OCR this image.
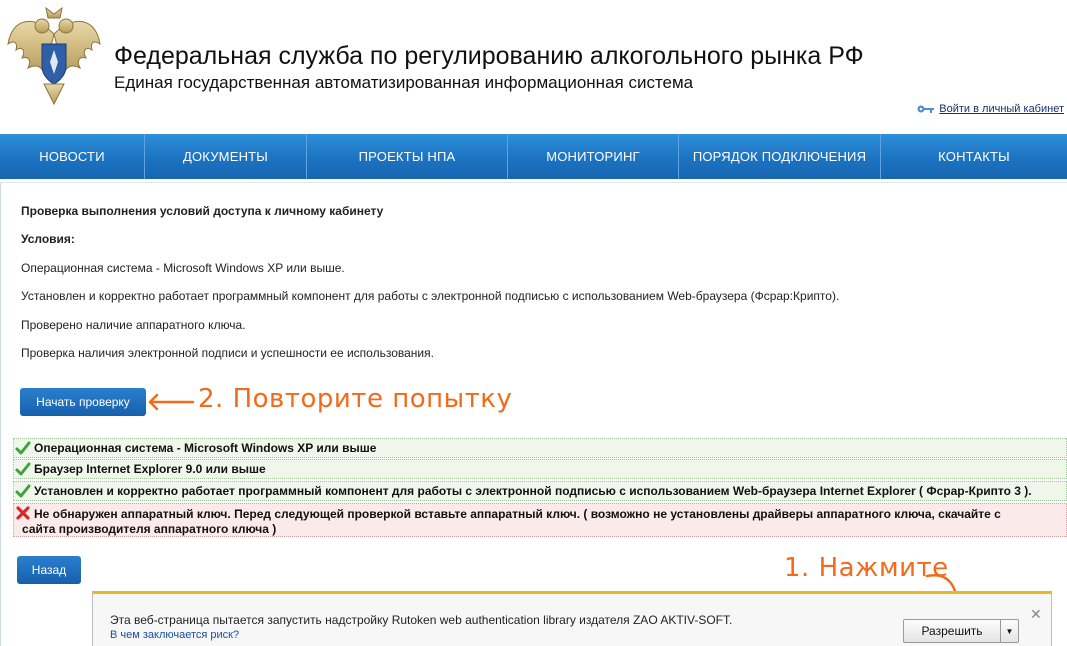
Федеральная служба по регулированию алкогольного рынка РФ
Единая государственная автоматизированная информационная система
Войти в личный кабинет
НОВОСТИ	ДОКУМЕНТЫ	ПРОЕКТЫ НПА	МОНИТОРИНГ	ПОРЯДОК ПОДКЛЮЧЕНИЯ	КОНТАКТЫ
Проверка выполнения условий доступа к личному кабинету
Условия:
Операционная система - Microsoft Windows XP или выше.
Установлен и корректно работает программный компонент для работы с электронной подписью с использованием Web-браузера (Фсрар:Крипто).
Проверено наличие аппаратного ключа.
Проверка наличия электронной подписи и успешности ее использования.
Начать проверку	2. Повторите попытку
Операционная система - Microsoft Windows XP или выше
Браузер Internet Explorer 9.0 или выше
Установлен и корректно работает программный компонент для работы с электронной подписью с использованием Web-браузера Internet Explorer ( Фсрар-Крипто 3 ).
Не обнаружен аппаратный ключ. Перед следующей проверкой вставьте аппаратный ключ. ( возможно не установлены драйверы аппаратного ключа, скачайте с
сайта производителя аппаратного ключа )
Назад	1. Нажмите
Эта веб-страница пытается запустить надстройку Rutoken web authentication library издателя ZAO AKTIV-SOFT.
В чем заключается риск?	Разрешить	▼
✕
